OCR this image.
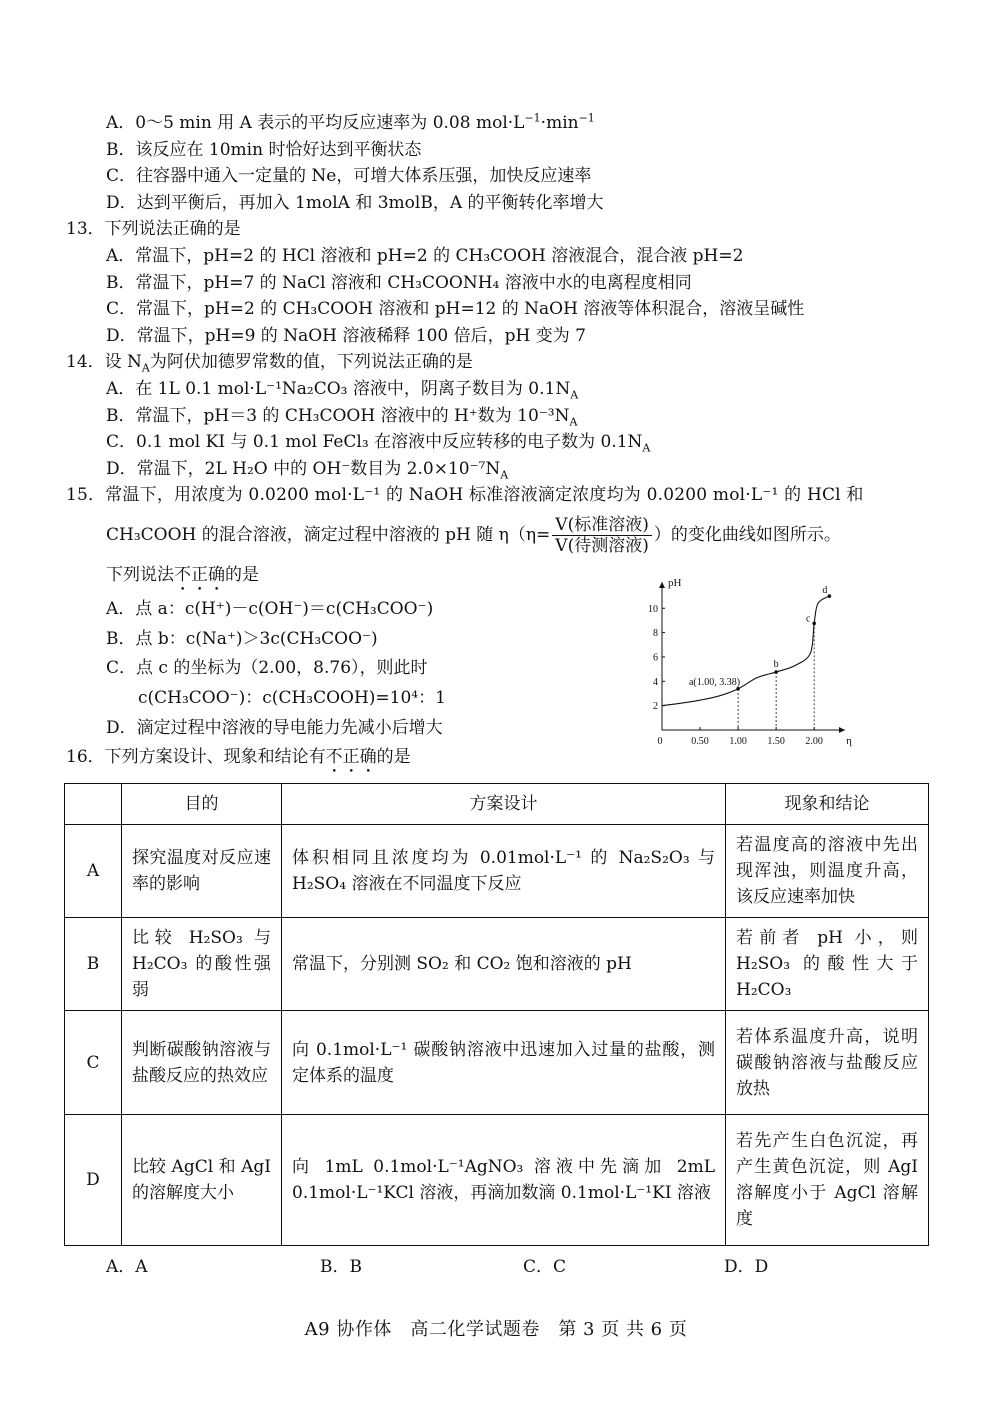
A．0～5 min 用 A 表示的平均反应速率为 0.08 $mol\cdot L^{-1}\cdot\min^{-1}$
B．该反应在 10min 时恰好达到平衡状态
C．往容器中通入一定量的 Ne，可增大体系压强，加快反应速率
D．达到平衡后，再加入 1molA 和 3molB，A 的平衡转化率增大
13．下列说法正确的是
A．常温下，pH=2 的 HCl 溶液和 pH=2 的 CH₃COOH 溶液混合，混合液 pH=2
B．常温下，pH=7 的 NaCl 溶液和 CH₃COONH₄ 溶液中水的电离程度相同
C．常温下，pH=2 的 CH₃COOH 溶液和 pH=12 的 NaOH 溶液等体积混合，溶液呈碱性
D．常温下，pH=9 的 NaOH 溶液稀释 100 倍后，pH 变为 7
14．设 $N_A$为阿伏加德罗常数的值，下列说法正确的是
A．在 1L 0.1 mol·L⁻¹Na₂CO₃ 溶液中，阴离子数目为 $0.1N_A$
B．常温下，pH＝3 的 CH₃COOH 溶液中的 H⁺数为 $10^{-3}N_A$
C．0.1 mol KI 与 0.1 mol FeCl₃ 在溶液中反应转移的电子数为 $0.1N_A$
D．常温下，2L H₂O 中的 OH⁻数目为 $2.0\times 10^{-7}N_A$
15．常温下，用浓度为 0.0200 mol·L⁻¹ 的 NaOH 标准溶液滴定浓度均为 0.0200 mol·L⁻¹ 的 HCl 和
CH₃COOH 的混合溶液，滴定过程中溶液的 pH 随 $\eta(\eta= \frac{\text{V(标准溶液)}}{\text{V(待测溶液)}}$ ）的变化曲线如图所示。
下列说法不正确的是
A．点 a：c(H⁺)－c(OH⁻)＝c(CH₃COO⁻)
B．点 b：c(Na⁺)＞3c(CH₃COO⁻)
C．点 c 的坐标为（2.00，8.76），则此时
c(CH₃COO⁻)：c(CH₃COOH)=10⁴：1
D．滴定过程中溶液的导电能力先减小后增大
pH
η
0	0.50 1.00 1.50 2.00
2
4
6
8
10
a(1.00, 3.38)
b
c
d
16．下列方案设计、现象和结论有不正确的是
	目的	方案设计	现象和结论
A	探究温度对反应速率的影响	体积相同且浓度均为 0.01mol·L⁻¹ 的 Na₂S₂O₃ 与 H₂SO₄ 溶液在不同温度下反应	若温度高的溶液中先出现浑浊，则温度升高，该反应速率加快
B	比较 H₂SO₃ 与 H₂CO₃ 的酸性强弱	常温下，分别测 SO₂ 和 CO₂ 饱和溶液的 pH	若前者 pH 小，则 H₂SO₃ 的酸性大于 H₂CO₃
C	判断碳酸钠溶液与盐酸反应的热效应	向 0.1mol·L⁻¹ 碳酸钠溶液中迅速加入过量的盐酸，测定体系的温度	若体系温度升高，说明碳酸钠溶液与盐酸反应放热
D	比较 AgCl 和 AgI 的溶解度大小	向 1mL 0.1mol·L⁻¹AgNO₃ 溶液中先滴加 2mL 0.1mol·L⁻¹KCl 溶液，再滴加数滴 0.1mol·L⁻¹KI 溶液	若先产生白色沉淀，再产生黄色沉淀，则 AgI 溶解度小于 AgCl 溶解度
A．A	B．B	C．C	D．D
A9 协作体　高二化学试题卷　第 3 页 共 6 页
